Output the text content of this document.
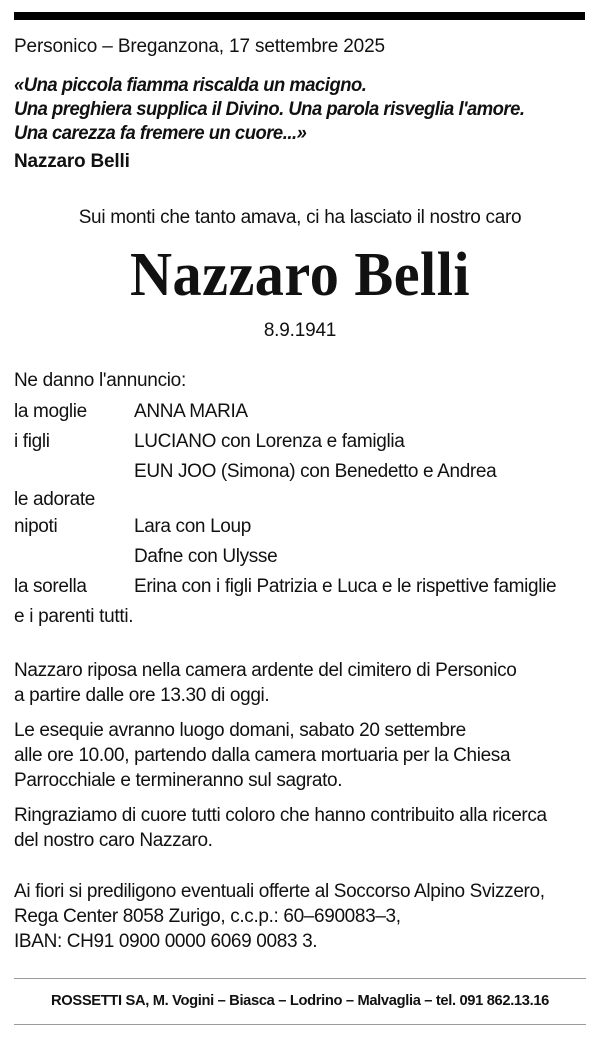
Personico – Breganzona, 17 settembre 2025
«Una piccola fiamma riscalda un macigno.
Una preghiera supplica il Divino. Una parola risveglia l'amore.
Una carezza fa fremere un cuore...»
Nazzaro Belli
Sui monti che tanto amava, ci ha lasciato il nostro caro
Nazzaro Belli
8.9.1941
Ne danno l'annuncio:
la moglie	ANNA MARIA
i figli	LUCIANO con Lorenza e famiglia
	EUN JOO (Simona) con Benedetto e Andrea
le adorate	
nipoti	Lara con Loup
	Dafne con Ulysse
la sorella	Erina con i figli Patrizia e Luca e le rispettive famiglie
e i parenti tutti.
Nazzaro riposa nella camera ardente del cimitero di Personico
a partire dalle ore 13.30 di oggi.
Le esequie avranno luogo domani, sabato 20 settembre
alle ore 10.00, partendo dalla camera mortuaria per la Chiesa
Parrocchiale e termineranno sul sagrato.
Ringraziamo di cuore tutti coloro che hanno contribuito alla ricerca
del nostro caro Nazzaro.
Ai fiori si prediligono eventuali offerte al Soccorso Alpino Svizzero,
Rega Center 8058 Zurigo, c.c.p.: 60–690083–3,
IBAN: CH91 0900 0000 6069 0083 3.
ROSSETTI SA, M. Vogini – Biasca – Lodrino – Malvaglia – tel. 091 862.13.16
